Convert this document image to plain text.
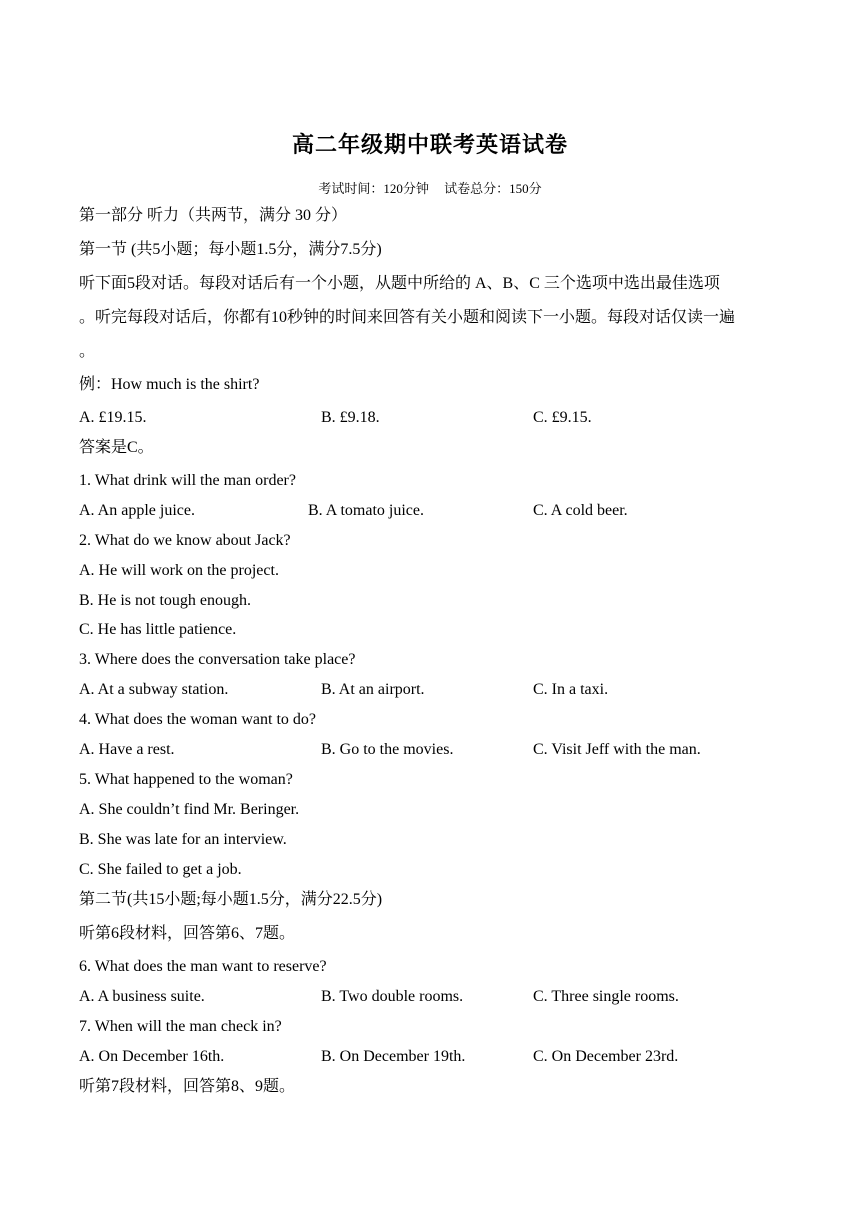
高二年级期中联考英语试卷
考试时间：120分钟 试卷总分：150分
第一部分 听力（共两节，满分 30 分）
第一节 (共5小题；每小题1.5分，满分7.5分)
听下面5段对话。每段对话后有一个小题，从题中所给的 A、B、C 三个选项中选出最佳选项
。听完每段对话后，你都有10秒钟的时间来回答有关小题和阅读下一小题。每段对话仅读一遍
。
例：How much is the shirt?
A. £19.15.	B. £9.18.	C. £9.15.
答案是C。
1. What drink will the man order?
A. An apple juice.	B. A tomato juice.	C. A cold beer.
2. What do we know about Jack?
A. He will work on the project.
B. He is not tough enough.
C. He has little patience.
3. Where does the conversation take place?
A. At a subway station.	B. At an airport.	C. In a taxi.
4. What does the woman want to do?
A. Have a rest.	B. Go to the movies.	C. Visit Jeff with the man.
5. What happened to the woman?
A. She couldn’t find Mr. Beringer.
B. She was late for an interview.
C. She failed to get a job.
第二节(共15小题;每小题1.5分，满分22.5分)
听第6段材料，回答第6、7题。
6. What does the man want to reserve?
A. A business suite.	B. Two double rooms.	C. Three single rooms.
7. When will the man check in?
A. On December 16th.	B. On December 19th.	C. On December 23rd.
听第7段材料，回答第8、9题。
